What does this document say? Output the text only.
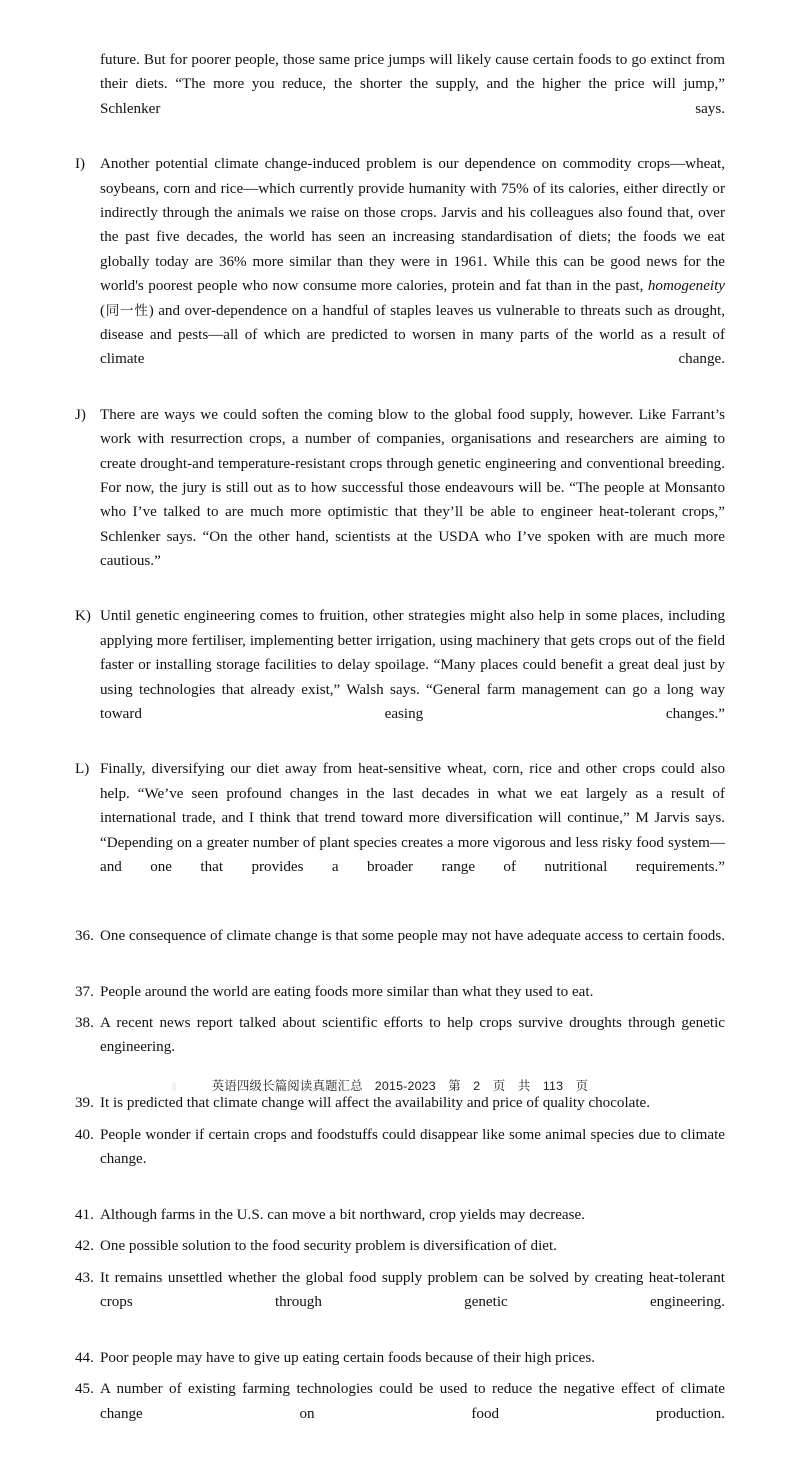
future. But for poorer people, those same price jumps will likely cause certain foods to go extinct from their diets. “The more you reduce, the shorter the supply, and the higher the price will jump,” Schlenker says.
I) Another potential climate change-induced problem is our dependence on commodity crops—wheat, soybeans, corn and rice—which currently provide humanity with 75% of its calories, either directly or indirectly through the animals we raise on those crops. Jarvis and his colleagues also found that, over the past five decades, the world has seen an increasing standardisation of diets; the foods we eat globally today are 36% more similar than they were in 1961. While this can be good news for the world's poorest people who now consume more calories, protein and fat than in the past, homogeneity (同一性) and over-dependence on a handful of staples leaves us vulnerable to threats such as drought, disease and pests—all of which are predicted to worsen in many parts of the world as a result of climate change.
J) There are ways we could soften the coming blow to the global food supply, however. Like Farrant’s work with resurrection crops, a number of companies, organisations and researchers are aiming to create drought-and temperature-resistant crops through genetic engineering and conventional breeding. For now, the jury is still out as to how successful those endeavours will be. “The people at Monsanto who I’ve talked to are much more optimistic that they’ll be able to engineer heat-tolerant crops,” Schlenker says. “On the other hand, scientists at the USDA who I’ve spoken with are much more cautious.”
K) Until genetic engineering comes to fruition, other strategies might also help in some places, including applying more fertiliser, implementing better irrigation, using machinery that gets crops out of the field faster or installing storage facilities to delay spoilage. “Many places could benefit a great deal just by using technologies that already exist,” Walsh says. “General farm management can go a long way toward easing changes.”
L) Finally, diversifying our diet away from heat-sensitive wheat, corn, rice and other crops could also help. “We’ve seen profound changes in the last decades in what we eat largely as a result of international trade, and I think that trend toward more diversification will continue,” M Jarvis says. “Depending on a greater number of plant species creates a more vigorous and less risky food system—and one that provides a broader range of nutritional requirements.”
36. One consequence of climate change is that some people may not have adequate access to certain foods.
37. People around the world are eating foods more similar than what they used to eat.
38. A recent news report talked about scientific efforts to help crops survive droughts through genetic engineering.
39. It is predicted that climate change will affect the availability and price of quality chocolate.
40. People wonder if certain crops and foodstuffs could disappear like some animal species due to climate change.
41. Although farms in the U.S. can move a bit northward, crop yields may decrease.
42. One possible solution to the food security problem is diversification of diet.
43. It remains unsettled whether the global food supply problem can be solved by creating heat-tolerant crops through genetic engineering.
44. Poor people may have to give up eating certain foods because of their high prices.
45. A number of existing farming technologies could be used to reduce the negative effect of climate change on food production.
英语四级长篇阅读真题汇总 2015-2023 第 2 页 共 113 页
